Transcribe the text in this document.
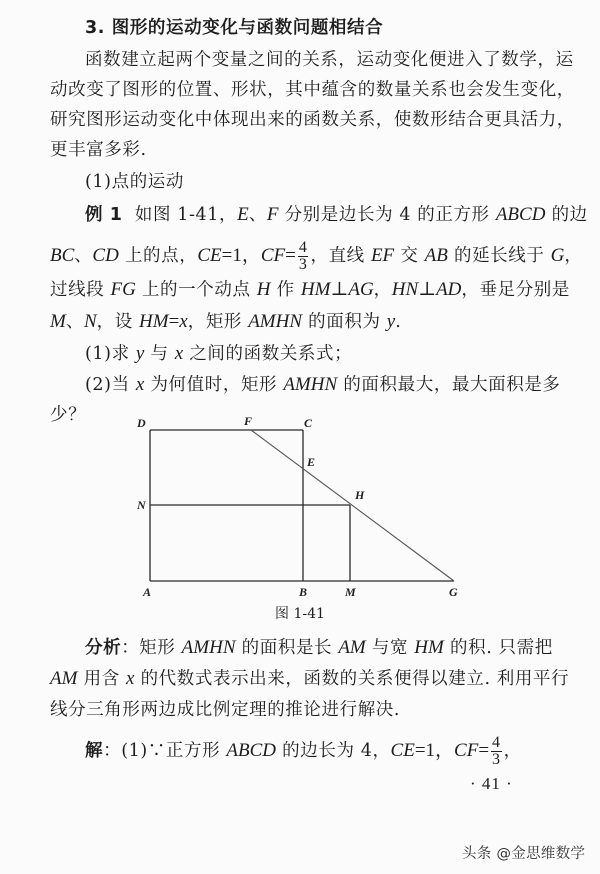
3. 图形的运动变化与函数问题相结合
函数建立起两个变量之间的关系，运动变化便进入了数学，运
动改变了图形的位置、形状，其中蕴含的数量关系也会发生变化，
研究图形运动变化中体现出来的函数关系，使数形结合更具活力，
更丰富多彩.
(1)点的运动
例 1 如图 1-41，E、F 分别是边长为 4 的正方形 ABCD 的边
BC、CD 上的点，CE=1，$CF= \frac{4}{3}$ ，直线 EF 交 AB 的延长线于 G，
过线段 FG 上的一个动点 H 作 HM⊥AG，HN⊥AD，垂足分别是
M、N，设 HM=x，矩形 AMHN 的面积为 y.
(1)求 y 与 x 之间的函数关系式；
(2)当 x 为何值时，矩形 AMHN 的面积最大，最大面积是多
少？	D	F	C
E
N
H
A	B	M	G
图 1-41
分析：矩形 AMHN 的面积是长 AM 与宽 HM 的积. 只需把
AM 用含 x 的代数式表示出来，函数的关系便得以建立. 利用平行
线分三角形两边成比例定理的推论进行解决.
解：(1)∵正方形 ABCD 的边长为 4，CE=1，$CF= \frac{4}{3}$ ，
· 41 ·
头条 @金思维数学
